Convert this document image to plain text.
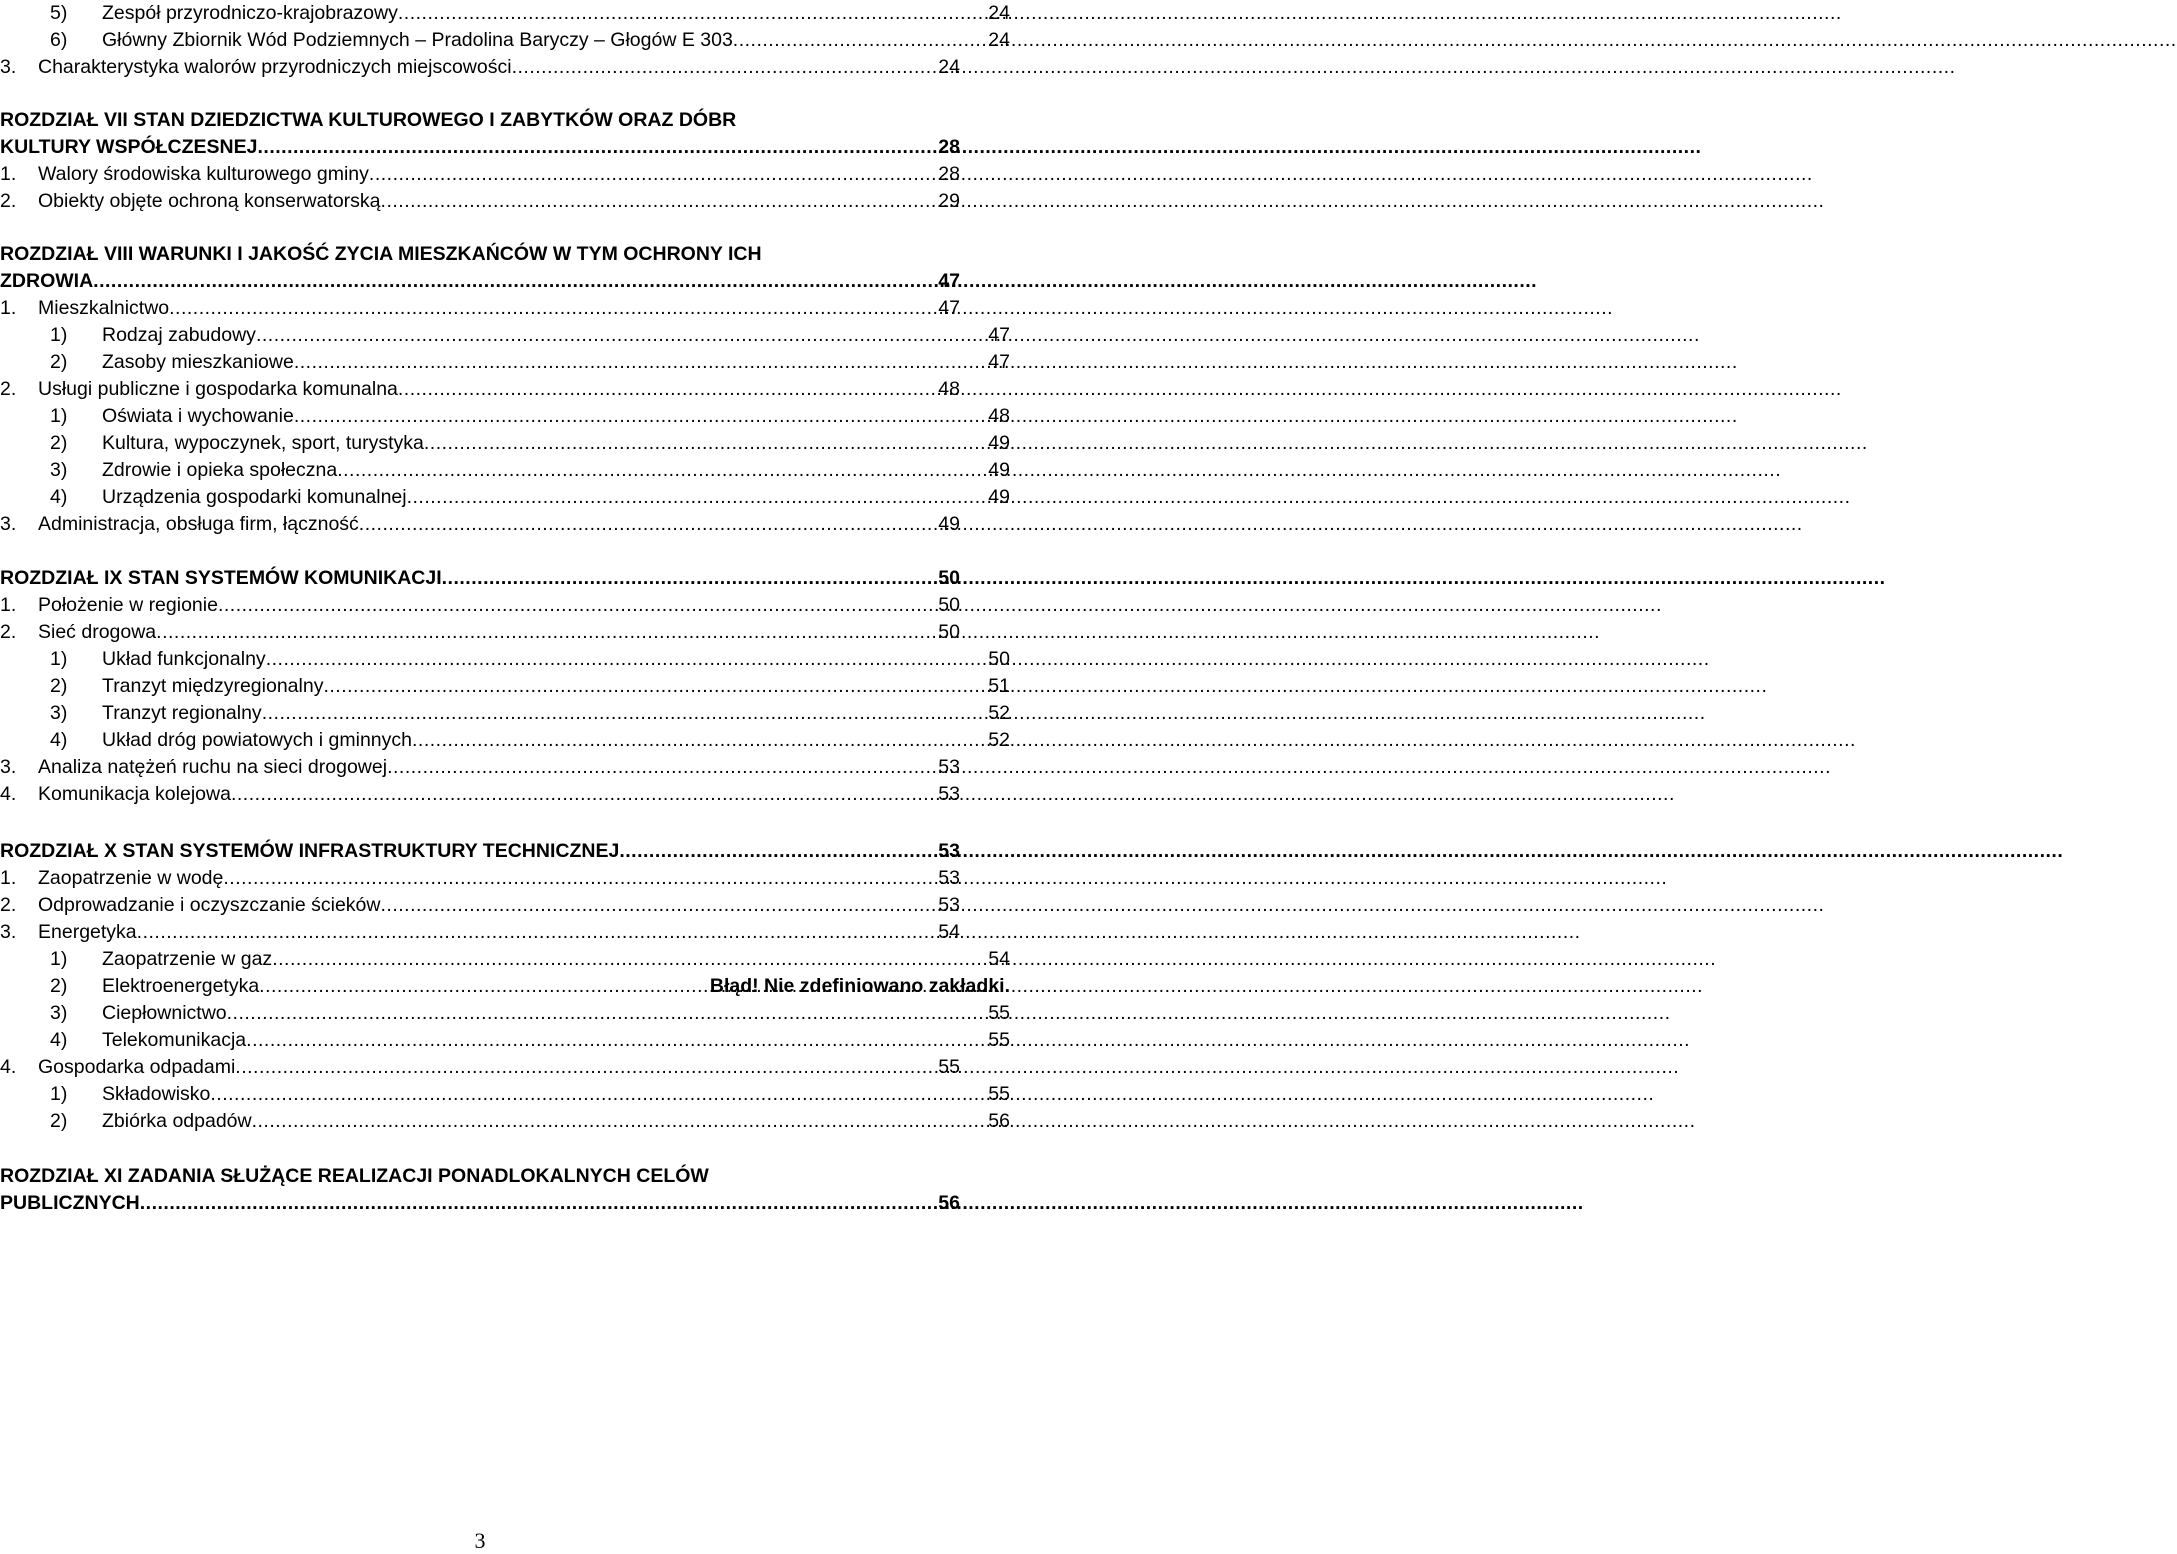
5)	Zespół przyrodniczo-krajobrazowy .....	24
6)	Główny Zbiornik Wód Podziemnych – Pradolina Baryczy – Głogów E 303 .....	24
3.	Charakterystyka walorów przyrodniczych miejscowości .....	24
ROZDZIAŁ VII STAN DZIEDZICTWA KULTUROWEGO I ZABYTKÓW ORAZ DÓBR
KULTURY WSPÓŁCZESNEJ .....	28
1.	Walory środowiska kulturowego gminy .....	28
2.	Obiekty objęte ochroną konserwatorską .....	29
ROZDZIAŁ VIII WARUNKI I JAKOŚĆ ZYCIA MIESZKAŃCÓW W TYM OCHRONY ICH
ZDROWIA .....	47
1.	Mieszkalnictwo .....	47
1)	Rodzaj zabudowy .....	47
2)	Zasoby mieszkaniowe .....	47
2.	Usługi publiczne i gospodarka komunalna .....	48
1)	Oświata i wychowanie .....	48
2)	Kultura, wypoczynek, sport, turystyka .....	49
3)	Zdrowie i opieka społeczna .....	49
4)	Urządzenia gospodarki komunalnej .....	49
3.	Administracja, obsługa firm, łączność .....	49
ROZDZIAŁ IX STAN SYSTEMÓW KOMUNIKACJI .....	50
1.	Położenie w regionie .....	50
2.	Sieć drogowa .....	50
1)	Układ funkcjonalny .....	50
2)	Tranzyt międzyregionalny .....	51
3)	Tranzyt regionalny .....	52
4)	Układ dróg powiatowych i gminnych .....	52
3.	Analiza natężeń ruchu na sieci drogowej .....	53
4.	Komunikacja kolejowa .....	53
ROZDZIAŁ X STAN SYSTEMÓW INFRASTRUKTURY TECHNICZNEJ .....	53
1.	Zaopatrzenie w wodę .....	53
2.	Odprowadzanie i oczyszczanie ścieków .....	53
3.	Energetyka .....	54
1)	Zaopatrzenie w gaz .....	54
2)	Elektroenergetyka .....	Błąd! Nie zdefiniowano zakładki.
3)	Ciepłownictwo .....	55
4)	Telekomunikacja .....	55
4.	Gospodarka odpadami .....	55
1)	Składowisko .....	55
2)	Zbiórka odpadów .....	56
ROZDZIAŁ XI ZADANIA SŁUŻĄCE REALIZACJI PONADLOKALNYCH CELÓW
PUBLICZNYCH .....	56
3
